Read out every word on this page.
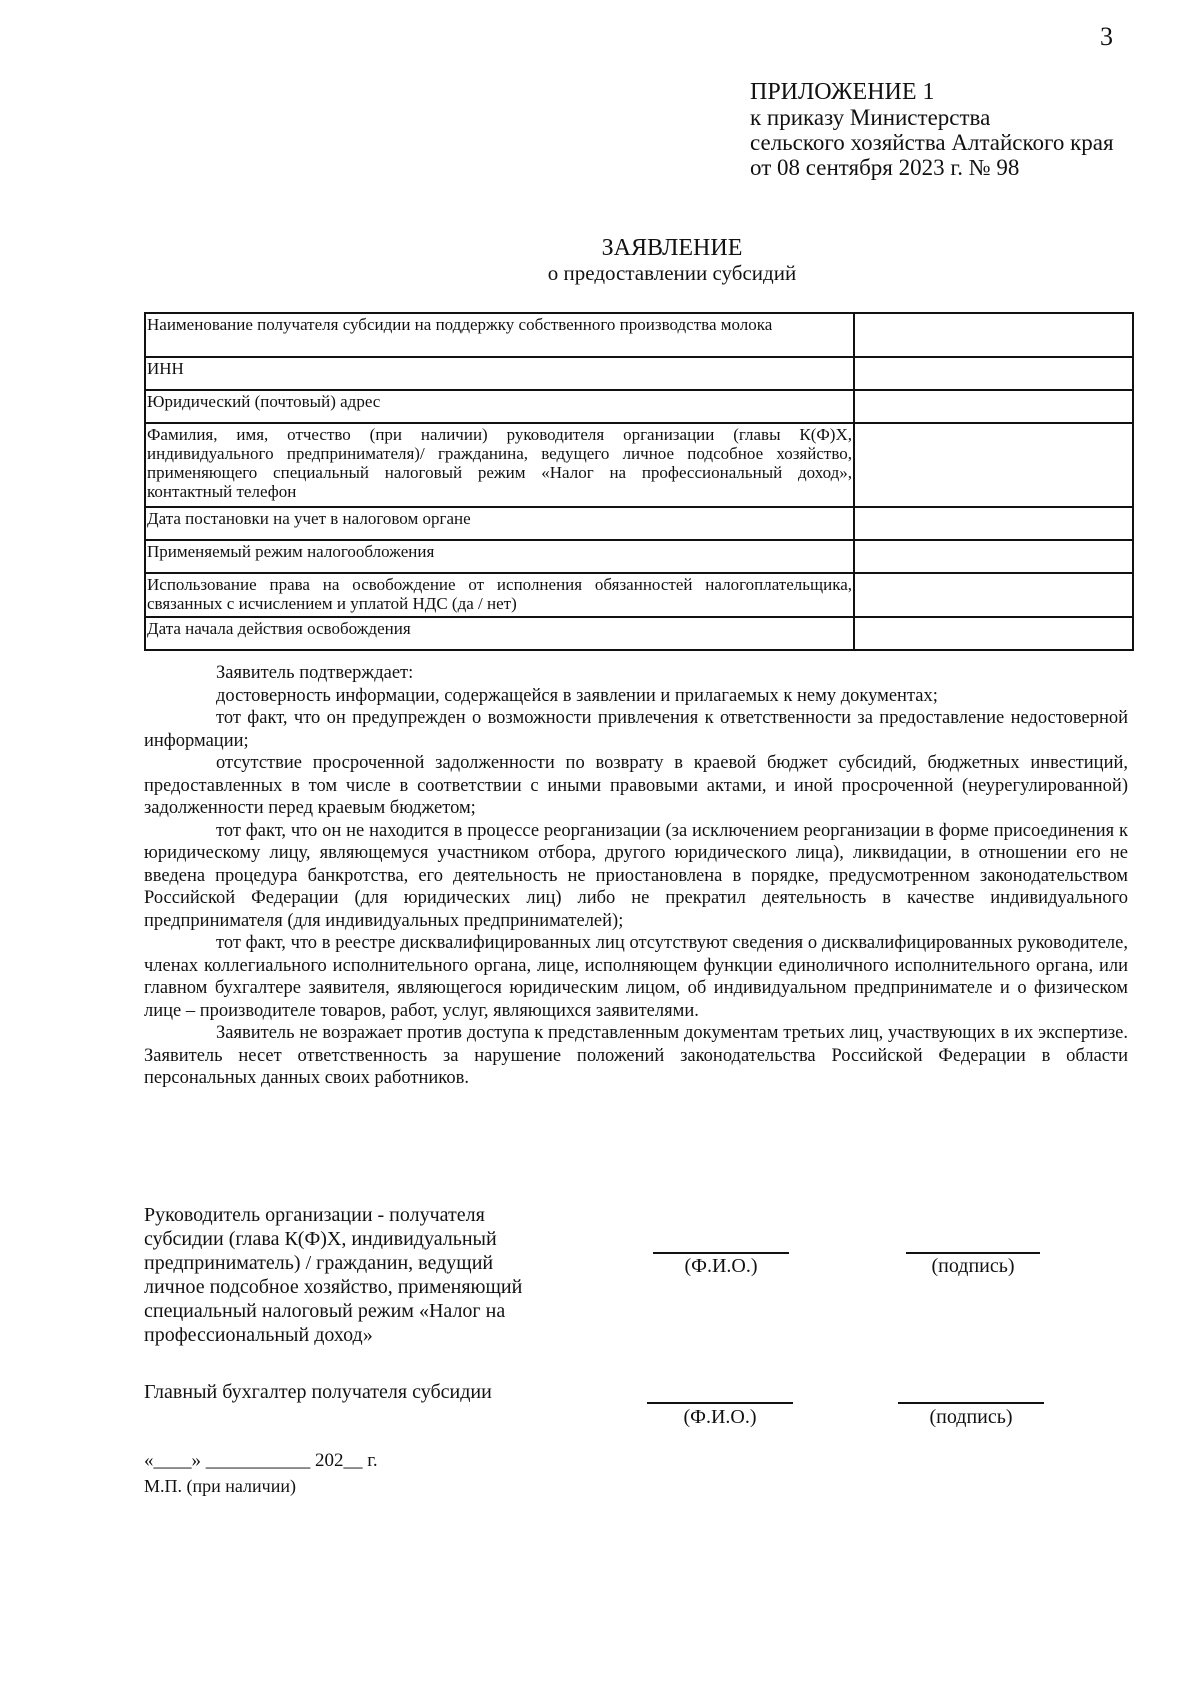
3
ПРИЛОЖЕНИЕ 1
к приказу Министерства
сельского хозяйства Алтайского края
от 08 сентября 2023 г. № 98
ЗАЯВЛЕНИЕ
о предоставлении субсидий
Наименование получателя субсидии на поддержку собственного производства молока	
ИНН	
Юридический (почтовый) адрес	
Фамилия, имя, отчество (при наличии) руководителя организации (главы К(Ф)Х, индивидуального предпринимателя)/ гражданина, ведущего личное подсобное хозяйство, применяющего специальный налоговый режим «Налог на профессиональный доход», контактный телефон	
Дата постановки на учет в налоговом органе	
Применяемый режим налогообложения	
Использование права на освобождение от исполнения обязанностей налогоплательщика, связанных с исчислением и уплатой НДС (да / нет)	
Дата начала действия освобождения	

Заявитель подтверждает:

достоверность информации, содержащейся в заявлении и прилагаемых к нему документах;

тот факт, что он предупрежден о возможности привлечения к ответственности за предоставление недостоверной информации;

отсутствие просроченной задолженности по возврату в краевой бюджет субсидий, бюджетных инвестиций, предоставленных в том числе в соответствии с иными правовыми актами, и иной просроченной (неурегулированной) задолженности перед краевым бюджетом;

тот факт, что он не находится в процессе реорганизации (за исключением реорганизации в форме присоединения к юридическому лицу, являющемуся участником отбора, другого юридического лица), ликвидации, в отношении его не введена процедура банкротства, его деятельность не приостановлена в порядке, предусмотренном законодательством Российской Федерации (для юридических лиц) либо не прекратил деятельность в качестве индивидуального предпринимателя (для индивидуальных предпринимателей);

тот факт, что в реестре дисквалифицированных лиц отсутствуют сведения о дисквалифицированных руководителе, членах коллегиального исполнительного органа, лице, исполняющем функции единоличного исполнительного органа, или главном бухгалтере заявителя, являющегося юридическим лицом, об индивидуальном предпринимателе и о физическом лице – производителе товаров, работ, услуг, являющихся заявителями.

Заявитель не возражает против доступа к представленным документам третьих лиц, участвующих в их экспертизе. Заявитель несет ответственность за нарушение положений законодательства Российской Федерации в области персональных данных своих работников.

Руководитель организации - получателя субсидии (глава К(Ф)Х, индивидуальный предприниматель) / гражданин, ведущий личное подсобное хозяйство, применяющий специальный налоговый режим «Налог на профессиональный доход»
(Ф.И.О.)	(подпись)
Главный бухгалтер получателя субсидии
(Ф.И.О.)	(подпись)
«____» ___________ 202__ г.
М.П. (при наличии)
